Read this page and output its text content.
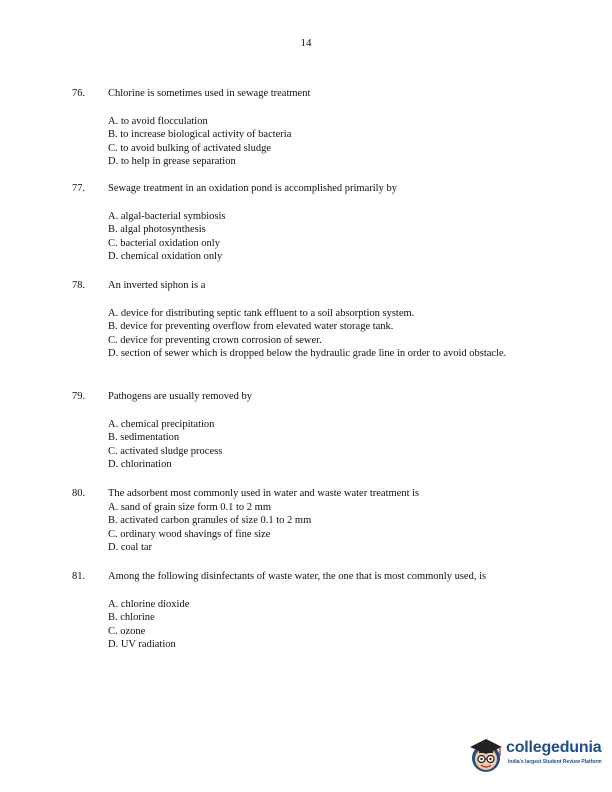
14
76. Chlorine is sometimes used in sewage treatment
A. to avoid flocculation
B. to increase biological activity of bacteria
C. to avoid bulking of activated sludge
D. to help in grease separation
77. Sewage treatment in an oxidation pond is accomplished primarily by
A. algal-bacterial symbiosis
B. algal photosynthesis
C. bacterial oxidation only
D. chemical oxidation only
78. An inverted siphon is a
A. device for distributing septic tank effluent to a soil absorption system.
B. device for preventing overflow from elevated water storage tank.
C. device for preventing crown corrosion of sewer.
D. section of sewer which is dropped below the hydraulic grade line in order to avoid obstacle.
79. Pathogens are usually removed by
A. chemical precipitation
B. sedimentation
C. activated sludge process
D. chlorination
80. The adsorbent most commonly used in water and waste water treatment is
A. sand of grain size form 0.1 to 2 mm
B. activated carbon granules of size 0.1 to 2 mm
C. ordinary wood shavings of fine size
D. coal tar
81. Among the following disinfectants of waste water, the one that is most commonly used, is
A. chlorine dioxide
B. chlorine
C. ozone
D. UV radiation
collegedunia
India's largest Student Review Platform
